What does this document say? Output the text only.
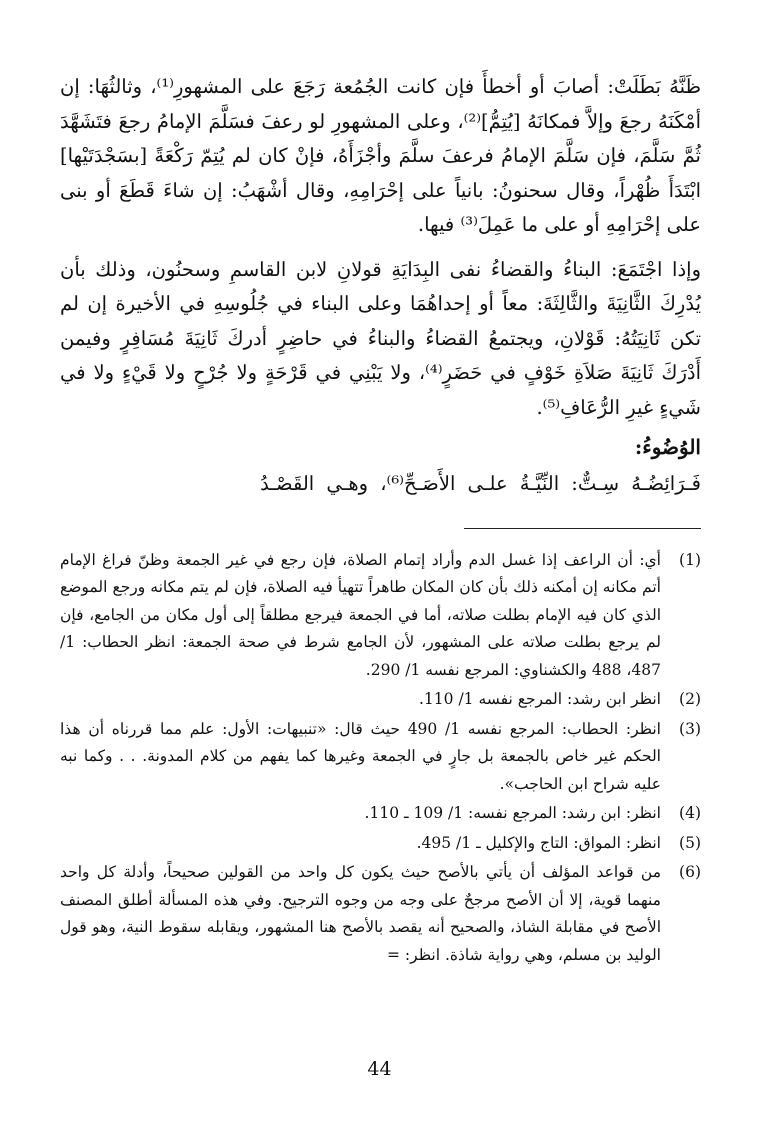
ظَنَّهُ بَطَلَتْ: أصابَ أو أخطأَ فإن كانت الجُمُعة رَجَعَ على المشهورِ⁽¹⁾، وثالثُهَا: إن أمْكَنَهُ رجعَ وإلاَّ فمكانَهُ [يُتِمُّ]⁽²⁾، وعلى المشهورِ لو رعفَ فسَلَّمَ الإمامُ رجعَ فتَشَهَّدَ ثُمَّ سَلَّمَ، فإن سَلَّمَ الإمامُ فرعفَ سلَّمَ وأجْزَأَهُ، فإنْ كان لم يُتِمّ رَكْعَةً [بسَجْدَتَيْها] ابْتَدَأَ ظُهْراً، وقال سحنونُ: بانياً على إحْرَامِهِ، وقال أشْهَبُ: إن شاءَ قَطَعَ أو بنى على إحْرَامِهِ أو على ما عَمِلَ⁽³⁾ فيها.

وإذا اجْتَمَعَ: البناءُ والقضاءُ نفى البِدَايَةِ قولانِ لابن القاسمِ وسحنُون، وذلك بأن يُدْرِكَ الثَّانِيَةَ والثَّالِثَةَ: معاً أو إحداهُمَا وعلى البناء في جُلُوسِهِ في الأخيرة إن لم تكن ثَانِيَتُهُ: قَوْلانِ، ويجتمعُ القضاءُ والبناءُ في حاضِرٍ أدركَ ثَانِيَةَ مُسَافِرٍ وفيمن أَدْرَكَ ثَانِيَةَ صَلاَةِ خَوْفٍ في حَضَرٍ⁽⁴⁾، ولا يَبْنِي في قَرْحَةٍ ولا جُرْحٍ ولا قَيْءٍ ولا في شَيءٍ غيرِ الرُّعَافِ⁽⁵⁾.

الوُضُوءُ:

فَـرَائِضُـهُ سِـتٌّ: النِّيَّـةُ علـى الأَصَـحِّ⁽⁶⁾، وهـي القَصْـدُ

(1)
أي: أن الراعف إذا غسل الدم وأراد إتمام الصلاة، فإن رجع في غير الجمعة وظنّ فراغ الإمام أتم مكانه إن أمكنه ذلك بأن كان المكان طاهراً تتهيأ فيه الصلاة، فإن لم يتم مكانه ورجع الموضع الذي كان فيه الإمام بطلت صلاته، أما في الجمعة فيرجع مطلقاً إلى أول مكان من الجامع، فإن لم يرجع بطلت صلاته على المشهور، لأن الجامع شرط في صحة الجمعة: انظر الحطاب: 1/ 487، 488 والكشناوي: المرجع نفسه 1/ 290.
(2)
انظر ابن رشد: المرجع نفسه 1/ 110.
(3)
انظر: الحطاب: المرجع نفسه 1/ 490 حيث قال: «تنبيهات: الأول: علم مما قررناه أن هذا الحكم غير خاص بالجمعة بل جارٍ في الجمعة وغيرها كما يفهم من كلام المدونة. . . وكما نبه عليه شراح ابن الحاجب».
(4)
انظر: ابن رشد: المرجع نفسه: 1/ 109 ـ 110.
(5)
انظر: المواق: التاج والإكليل ـ 1/ 495.
(6)
من قواعد المؤلف أن يأتي بالأصح حيث يكون كل واحد من القولين صحيحاً، وأدلة كل واحد منهما قوية، إلا أن الأصح مرجحٌ على وجه من وجوه الترجيح. وفي هذه المسألة أطلق المصنف الأصح في مقابلة الشاذ، والصحيح أنه يقصد بالأصح هنا المشهور، ويقابله سقوط النية، وهو قول الوليد بن مسلم، وهي رواية شاذة. انظر: =
44
